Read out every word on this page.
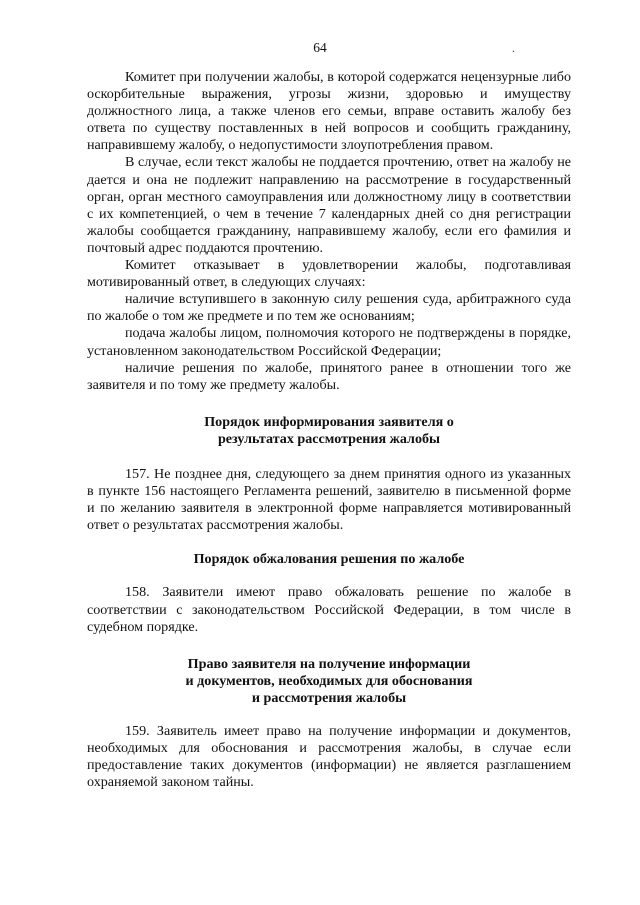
64	.

Комитет при получении жалобы, в которой содержатся нецензурные либо оскорбительные выражения, угрозы жизни, здоровью и имуществу должностного лица, а также членов его семьи, вправе оставить жалобу без ответа по существу поставленных в ней вопросов и сообщить гражданину, направившему жалобу, о недопустимости злоупотребления правом.

В случае, если текст жалобы не поддается прочтению, ответ на жалобу не дается и она не подлежит направлению на рассмотрение в государственный орган, орган местного самоуправления или должностному лицу в соответствии с их компетенцией, о чем в течение 7 календарных дней со дня регистрации жалобы сообщается гражданину, направившему жалобу, если его фамилия и почтовый адрес поддаются прочтению.

Комитет отказывает в удовлетворении жалобы, подготавливая мотивированный ответ, в следующих случаях:

наличие вступившего в законную силу решения суда, арбитражного суда по жалобе о том же предмете и по тем же основаниям;

подача жалобы лицом, полномочия которого не подтверждены в порядке, установленном законодательством Российской Федерации;

наличие решения по жалобе, принятого ранее в отношении того же заявителя и по тому же предмету жалобы.

Порядок информирования заявителя о
результатах рассмотрения жалобы

157. Не позднее дня, следующего за днем принятия одного из указанных в пункте 156 настоящего Регламента решений, заявителю в письменной форме и по желанию заявителя в электронной форме направляется мотивированный ответ о результатах рассмотрения жалобы.

Порядок обжалования решения по жалобе

158. Заявители имеют право обжаловать решение по жалобе в соответствии с законодательством Российской Федерации, в том числе в судебном порядке.

Право заявителя на получение информации
и документов, необходимых для обоснования
и рассмотрения жалобы

159. Заявитель имеет право на получение информации и документов, необходимых для обоснования и рассмотрения жалобы, в случае если предоставление таких документов (информации) не является разглашением охраняемой законом тайны.
